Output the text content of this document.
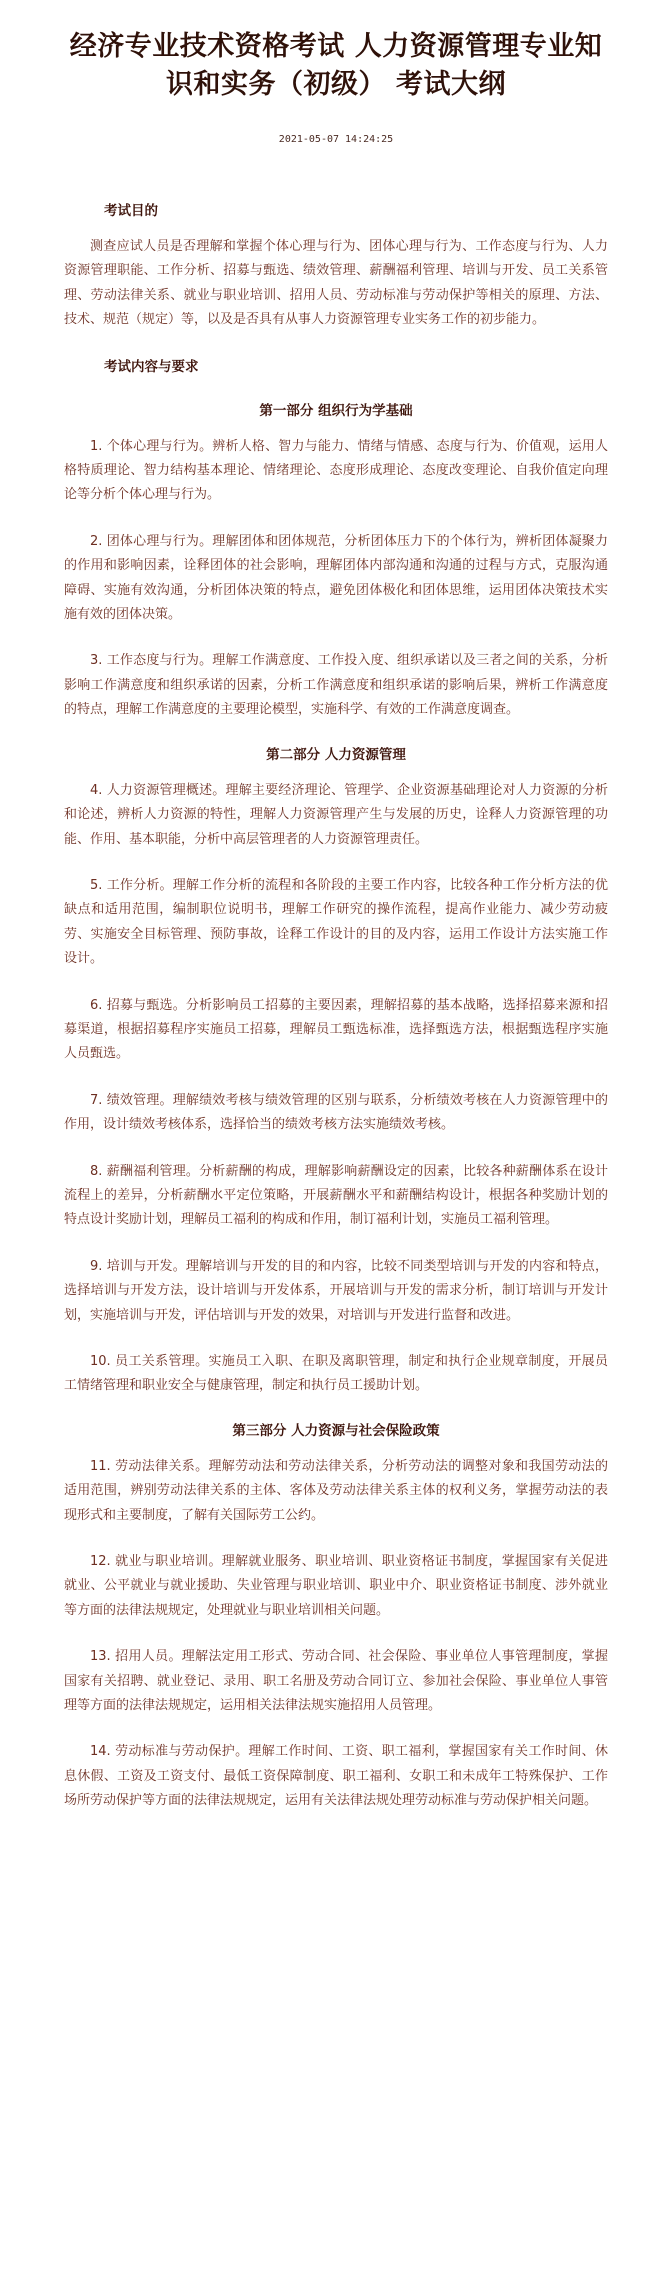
经济专业技术资格考试 人力资源管理专业知识和实务（初级） 考试大纲
2021-05-07 14:24:25

考试目的

测查应试人员是否理解和掌握个体心理与行为、团体心理与行为、工作态度与行为、人力资源管理职能、工作分析、招募与甄选、绩效管理、薪酬福利管理、培训与开发、员工关系管理、劳动法律关系、就业与职业培训、招用人员、劳动标准与劳动保护等相关的原理、方法、技术、规范（规定）等，以及是否具有从事人力资源管理专业实务工作的初步能力。

考试内容与要求

第一部分 组织行为学基础

1. 个体心理与行为。辨析人格、智力与能力、情绪与情感、态度与行为、价值观，运用人格特质理论、智力结构基本理论、情绪理论、态度形成理论、态度改变理论、自我价值定向理论等分析个体心理与行为。

2. 团体心理与行为。理解团体和团体规范，分析团体压力下的个体行为，辨析团体凝聚力的作用和影响因素，诠释团体的社会影响，理解团体内部沟通和沟通的过程与方式，克服沟通障碍、实施有效沟通，分析团体决策的特点，避免团体极化和团体思维，运用团体决策技术实施有效的团体决策。

3. 工作态度与行为。理解工作满意度、工作投入度、组织承诺以及三者之间的关系，分析影响工作满意度和组织承诺的因素，分析工作满意度和组织承诺的影响后果，辨析工作满意度的特点，理解工作满意度的主要理论模型，实施科学、有效的工作满意度调查。

第二部分 人力资源管理

4. 人力资源管理概述。理解主要经济理论、管理学、企业资源基础理论对人力资源的分析和论述，辨析人力资源的特性，理解人力资源管理产生与发展的历史，诠释人力资源管理的功能、作用、基本职能，分析中高层管理者的人力资源管理责任。

5. 工作分析。理解工作分析的流程和各阶段的主要工作内容，比较各种工作分析方法的优缺点和适用范围，编制职位说明书，理解工作研究的操作流程，提高作业能力、减少劳动疲劳、实施安全目标管理、预防事故，诠释工作设计的目的及内容，运用工作设计方法实施工作设计。

6. 招募与甄选。分析影响员工招募的主要因素，理解招募的基本战略，选择招募来源和招募渠道，根据招募程序实施员工招募，理解员工甄选标准，选择甄选方法，根据甄选程序实施人员甄选。

7. 绩效管理。理解绩效考核与绩效管理的区别与联系，分析绩效考核在人力资源管理中的作用，设计绩效考核体系，选择恰当的绩效考核方法实施绩效考核。

8. 薪酬福利管理。分析薪酬的构成，理解影响薪酬设定的因素，比较各种薪酬体系在设计流程上的差异，分析薪酬水平定位策略，开展薪酬水平和薪酬结构设计，根据各种奖励计划的特点设计奖励计划，理解员工福利的构成和作用，制订福利计划，实施员工福利管理。

9. 培训与开发。理解培训与开发的目的和内容，比较不同类型培训与开发的内容和特点，选择培训与开发方法，设计培训与开发体系，开展培训与开发的需求分析，制订培训与开发计划，实施培训与开发，评估培训与开发的效果，对培训与开发进行监督和改进。

10. 员工关系管理。实施员工入职、在职及离职管理，制定和执行企业规章制度，开展员工情绪管理和职业安全与健康管理，制定和执行员工援助计划。

第三部分 人力资源与社会保险政策

11. 劳动法律关系。理解劳动法和劳动法律关系，分析劳动法的调整对象和我国劳动法的适用范围，辨别劳动法律关系的主体、客体及劳动法律关系主体的权利义务，掌握劳动法的表现形式和主要制度，了解有关国际劳工公约。

12. 就业与职业培训。理解就业服务、职业培训、职业资格证书制度，掌握国家有关促进就业、公平就业与就业援助、失业管理与职业培训、职业中介、职业资格证书制度、涉外就业等方面的法律法规规定，处理就业与职业培训相关问题。

13. 招用人员。理解法定用工形式、劳动合同、社会保险、事业单位人事管理制度，掌握国家有关招聘、就业登记、录用、职工名册及劳动合同订立、参加社会保险、事业单位人事管理等方面的法律法规规定，运用相关法律法规实施招用人员管理。

14. 劳动标准与劳动保护。理解工作时间、工资、职工福利，掌握国家有关工作时间、休息休假、工资及工资支付、最低工资保障制度、职工福利、女职工和未成年工特殊保护、工作场所劳动保护等方面的法律法规规定，运用有关法律法规处理劳动标准与劳动保护相关问题。
